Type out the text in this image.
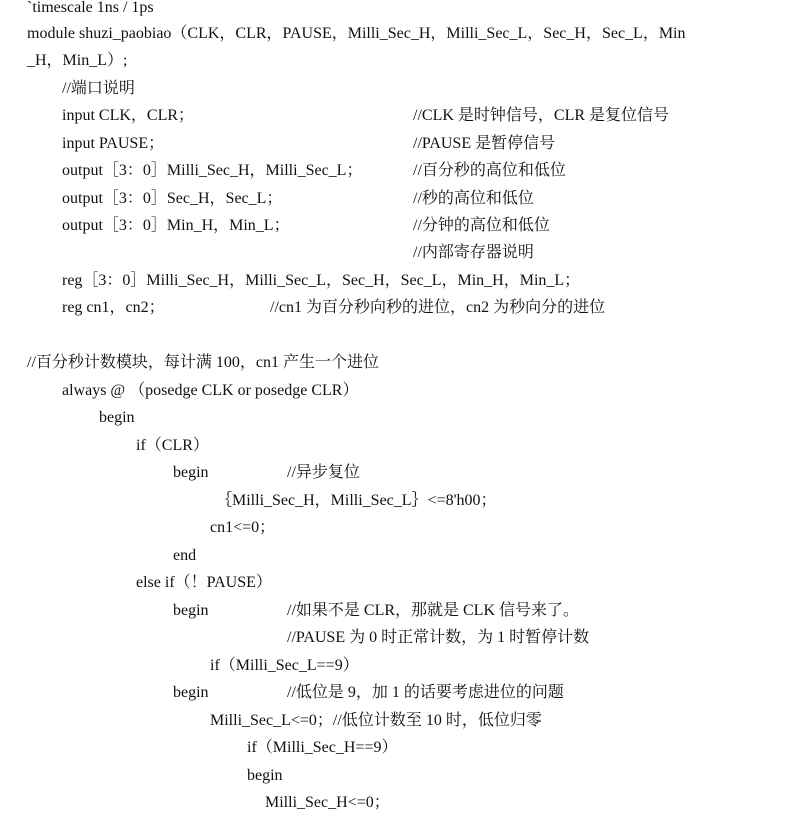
`timescale 1ns / 1ps
module shuzi_paobiao（CLK，CLR，PAUSE，Milli_Sec_H，Milli_Sec_L，Sec_H，Sec_L，Min
_H，Min_L）;
//端口说明
input CLK，CLR；	//CLK 是时钟信号，CLR 是复位信号
input PAUSE；	//PAUSE 是暂停信号
output［3：0］Milli_Sec_H，Milli_Sec_L；	//百分秒的高位和低位
output［3：0］Sec_H，Sec_L；	//秒的高位和低位
output［3：0］Min_H，Min_L；	//分钟的高位和低位
//内部寄存器说明
reg［3：0］Milli_Sec_H，Milli_Sec_L，Sec_H，Sec_L，Min_H，Min_L；
reg cn1，cn2；	//cn1 为百分秒向秒的进位，cn2 为秒向分的进位
//百分秒计数模块，每计满 100，cn1 产生一个进位
always @ （posedge CLK or posedge CLR）
begin
if（CLR）
begin	//异步复位
｛Milli_Sec_H，Milli_Sec_L｝<=8'h00；
cn1<=0；
end
else if（！PAUSE）
begin	//如果不是 CLR，那就是 CLK 信号来了。
//PAUSE 为 0 时正常计数，为 1 时暂停计数
if（Milli_Sec_L==9）
begin	//低位是 9，加 1 的话要考虑进位的问题
Milli_Sec_L<=0；//低位计数至 10 时，低位归零
if（Milli_Sec_H==9）
begin
Milli_Sec_H<=0；
